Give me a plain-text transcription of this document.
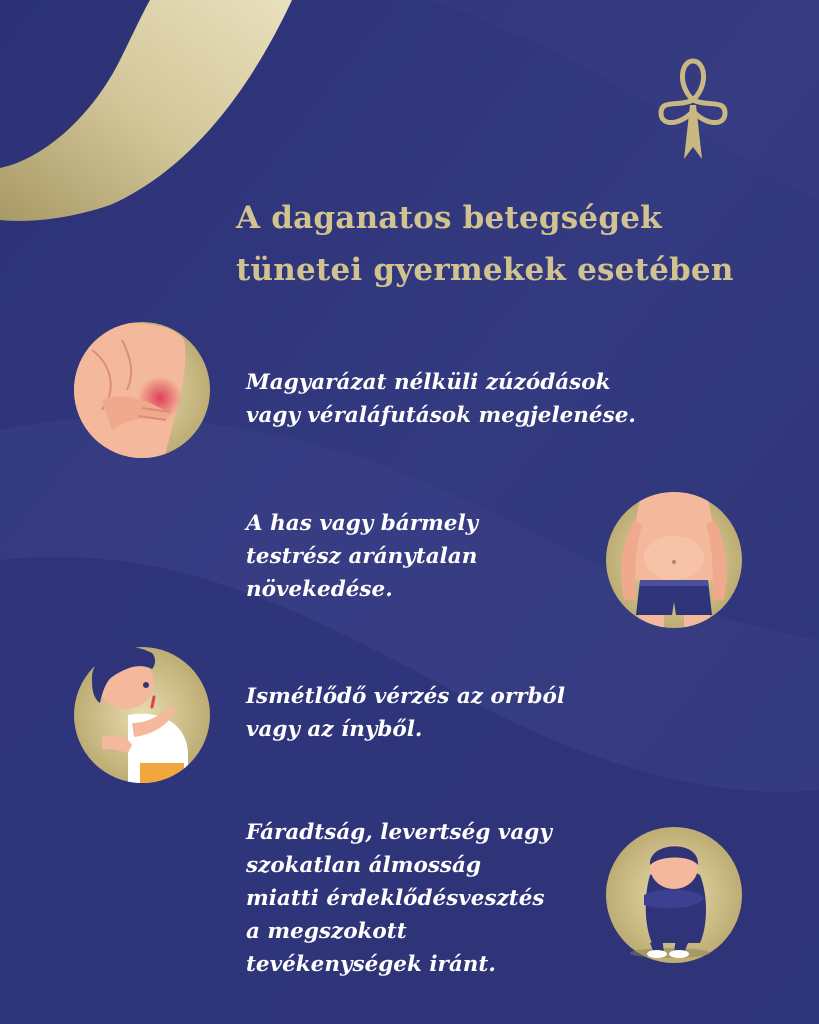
A daganatos betegségek
tünetei gyermekek esetében

Magyarázat nélküli zúzódások
vagy véraláfutások megjelenése.

A has vagy bármely
testrész aránytalan
növekedése.

Ismétlődő vérzés az orrból
vagy az ínyből.

Fáradtság, levertség vagy
szokatlan álmosság
miatti érdeklődésvesztés
a megszokott
tevékenységek iránt.
